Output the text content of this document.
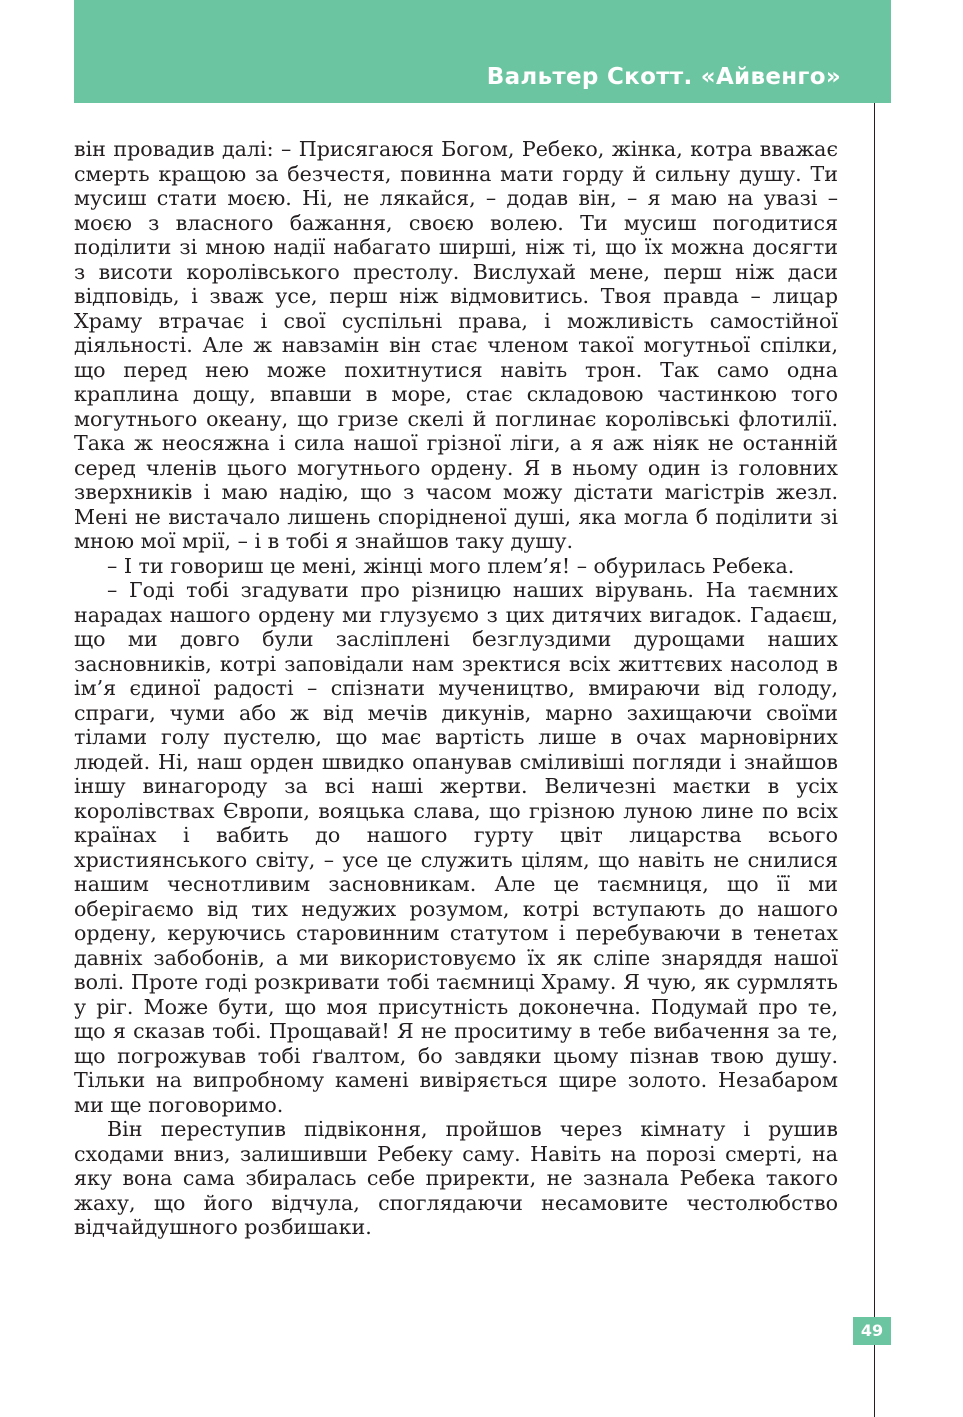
Вальтер Скотт. «Айвенго»

він провадив далі: – Присягаюся Богом, Ребеко, жінка, котра вважає смерть кращою за безчестя, повинна мати горду й сильну душу. Ти мусиш стати моєю. Ні, не лякайся, – додав він, – я маю на увазі – моєю з власного бажання, своєю волею. Ти мусиш погодитися поділити зі мною надії набагато ширші, ніж ті, що їх можна досягти з висоти королівського престолу. Вислухай мене, перш ніж даси відповідь, і зваж усе, перш ніж відмовитись. Твоя правда – лицар Храму втрачає і свої суспільні права, і можливість самостійної діяльності. Але ж навзамін він стає членом такої могутньої спілки, що перед нею може похитнутися навіть трон. Так само одна краплина дощу, впавши в море, стає складовою частинкою того могутнього океану, що гризе скелі й поглинає королівські флотилії. Така ж неосяжна і сила нашої грізної ліги, а я аж ніяк не останній серед членів цього могутнього ордену. Я в ньому один із головних зверхників і маю надію, що з часом можу дістати магістрів жезл. Мені не вистачало лишень спорідненої душі, яка могла б поділити зі мною мої мрії, – і в тобі я знайшов таку душу.

– І ти говориш це мені, жінці мого плем’я! – обурилась Ребека.

– Годі тобі згадувати про різницю наших вірувань. На таємних нарадах нашого ордену ми глузуємо з цих дитячих вигадок. Гадаєш, що ми довго були засліплені безглуздими дурощами наших засновників, котрі заповідали нам зректися всіх життєвих насолод в ім’я єдиної радості – спізнати мучеництво, вмираючи від голоду, спраги, чуми або ж від мечів дикунів, марно захищаючи своїми тілами голу пустелю, що має вартість лише в очах марновірних людей. Ні, наш орден швидко опанував сміливіші погляди і знайшов іншу винагороду за всі наші жертви. Величезні маєтки в усіх королівствах Європи, вояцька слава, що грізною луною лине по всіх країнах і вабить до нашого гурту цвіт лицарства всього християнського світу, – усе це служить цілям, що навіть не снилися нашим чеснотливим засновникам. Але це таємниця, що її ми оберігаємо від тих недужих розумом, котрі вступають до нашого ордену, керуючись старовинним статутом і перебуваючи в тенетах давніх забобонів, а ми використовуємо їх як сліпе знаряддя нашої волі. Проте годі розкривати тобі таємниці Храму. Я чую, як сурмлять у ріг. Може бути, що моя присутність доконечна. Подумай про те, що я сказав тобі. Прощавай! Я не проситиму в тебе вибачення за те, що погрожував тобі ґвалтом, бо завдяки цьому пізнав твою душу. Тільки на випробному камені вивіряється щире золото. Незабаром ми ще поговоримо.

Він переступив підвіконня, пройшов через кімнату і рушив сходами вниз, залишивши Ребеку саму. Навіть на порозі смерті, на яку вона сама збиралась себе приректи, не зазнала Ребека такого жаху, що його відчула, споглядаючи несамовите честолюбство відчайдушного розбишаки.

49
